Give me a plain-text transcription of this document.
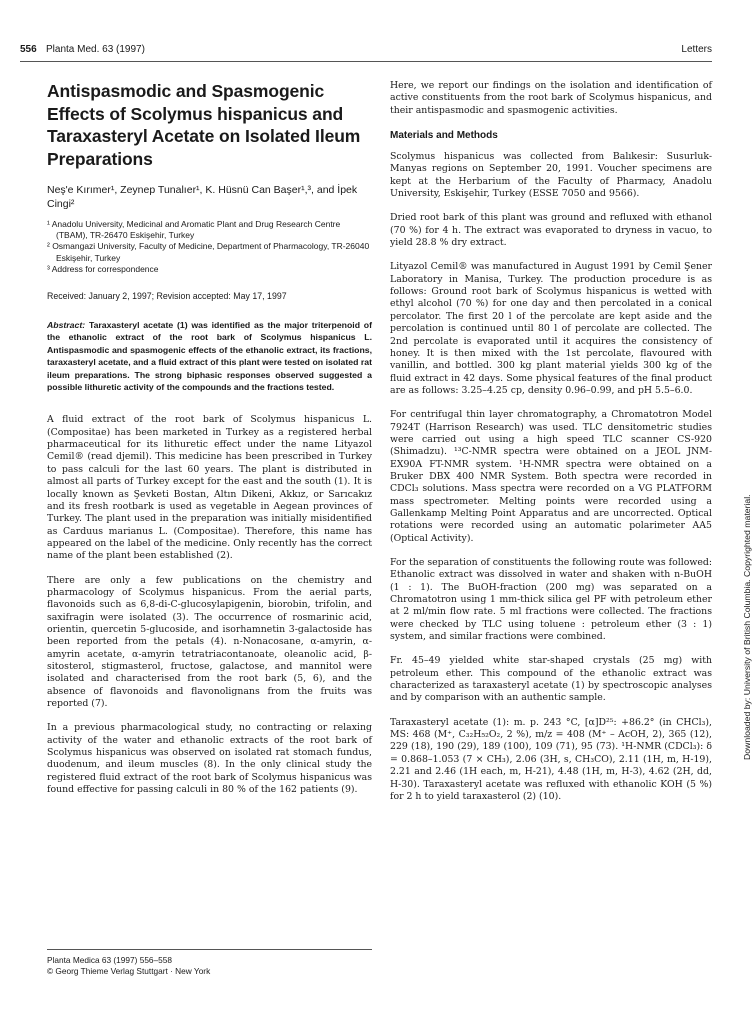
556 Planta Med. 63 (1997)	Letters
Antispasmodic and Spasmogenic Effects of Scolymus hispanicus and Taraxasteryl Acetate on Isolated Ileum Preparations
Neş'e Kırımer¹, Zeynep Tunalıer¹, K. Hüsnü Can Başer¹,³, and İpek Cingi²
¹ Anadolu University, Medicinal and Aromatic Plant and Drug Research Centre (TBAM), TR-26470 Eskişehir, Turkey
² Osmangazi University, Faculty of Medicine, Department of Pharmacology, TR-26040 Eskişehir, Turkey
³ Address for correspondence
Received: January 2, 1997; Revision accepted: May 17, 1997
Abstract: Taraxasteryl acetate (1) was identified as the major triterpenoid of the ethanolic extract of the root bark of Scolymus hispanicus L. Antispasmodic and spasmogenic effects of the ethanolic extract, its fractions, taraxasteryl acetate, and a fluid extract of this plant were tested on isolated rat ileum preparations. The strong biphasic responses observed suggested a possible lithuretic activity of the compounds and the fractions tested.

A fluid extract of the root bark of Scolymus hispanicus L. (Compositae) has been marketed in Turkey as a registered herbal pharmaceutical for its lithuretic effect under the name Lityazol Cemil® (read djemil). This medicine has been prescribed in Turkey to pass calculi for the last 60 years. The plant is distributed in almost all parts of Turkey except for the east and the south (1). It is locally known as Şevketi Bostan, Altın Dikeni, Akkız, or Sarıcakız and its fresh rootbark is used as vegetable in Aegean provinces of Turkey. The plant used in the preparation was initially misidentified as Carduus marianus L. (Compositae). Therefore, this name has appeared on the label of the medicine. Only recently has the correct name of the plant been established (2).

There are only a few publications on the chemistry and pharmacology of Scolymus hispanicus. From the aerial parts, flavonoids such as 6,8-di-C-glucosylapigenin, biorobin, trifolin, and saxifragin were isolated (3). The occurrence of rosmarinic acid, orientin, quercetin 5-glucoside, and isorhamnetin 3-galactoside has been reported from the petals (4). n-Nonacosane, α-amyrin, α-amyrin acetate, α-amyrin tetratriacontanoate, oleanolic acid, β-sitosterol, stigmasterol, fructose, galactose, and mannitol were isolated and characterised from the root bark (5, 6), and the absence of flavonoids and flavonolignans from the fruits was reported (7).

In a previous pharmacological study, no contracting or relaxing activity of the water and ethanolic extracts of the root bark of Scolymus hispanicus was observed on isolated rat stomach fundus, duodenum, and ileum muscles (8). In the only clinical study the registered fluid extract of the root bark of Scolymus hispanicus was found effective for passing calculi in 80 % of the 162 patients (9).

Here, we report our findings on the isolation and identification of active constituents from the root bark of Scolymus hispanicus, and their antispasmodic and spasmogenic activities.

Materials and Methods

Scolymus hispanicus was collected from Balıkesir: Susurluk-Manyas regions on September 20, 1991. Voucher specimens are kept at the Herbarium of the Faculty of Pharmacy, Anadolu University, Eskişehir, Turkey (ESSE 7050 and 9566).

Dried root bark of this plant was ground and refluxed with ethanol (70 %) for 4 h. The extract was evaporated to dryness in vacuo, to yield 28.8 % dry extract.

Lityazol Cemil® was manufactured in August 1991 by Cemil Şener Laboratory in Manisa, Turkey. The production procedure is as follows: Ground root bark of Scolymus hispanicus is wetted with ethyl alcohol (70 %) for one day and then percolated in a conical percolator. The first 20 l of the percolate are kept aside and the percolation is continued until 80 l of percolate are collected. The 2nd percolate is evaporated until it acquires the consistency of honey. It is then mixed with the 1st percolate, flavoured with vanillin, and bottled. 300 kg plant material yields 300 kg of the fluid extract in 42 days. Some physical features of the final product are as follows: 3.25–4.25 cp, density 0.96–0.99, and pH 5.5–6.0.

For centrifugal thin layer chromatography, a Chromatotron Model 7924T (Harrison Research) was used. TLC densitometric studies were carried out using a high speed TLC scanner CS-920 (Shimadzu). ¹³C-NMR spectra were obtained on a JEOL JNM-EX90A FT-NMR system. ¹H-NMR spectra were obtained on a Bruker DBX 400 NMR System. Both spectra were recorded in CDCl₃ solutions. Mass spectra were recorded on a VG PLATFORM mass spectrometer. Melting points were recorded using a Gallenkamp Melting Point Apparatus and are uncorrected. Optical rotations were recorded using an automatic polarimeter AA5 (Optical Activity).

For the separation of constituents the following route was followed: Ethanolic extract was dissolved in water and shaken with n-BuOH (1 : 1). The BuOH-fraction (200 mg) was separated on a Chromatotron using 1 mm-thick silica gel PF with petroleum ether at 2 ml/min flow rate. 5 ml fractions were collected. The fractions were checked by TLC using toluene : petroleum ether (3 : 1) system, and similar fractions were combined.

Fr. 45–49 yielded white star-shaped crystals (25 mg) with petroleum ether. This compound of the ethanolic extract was characterized as taraxasteryl acetate (1) by spectroscopic analyses and by comparison with an authentic sample.

Taraxasteryl acetate (1): m. p. 243 °C, [α]D²⁵: +86.2° (in CHCl₃), MS: 468 (M⁺, C₃₂H₅₂O₂, 2 %), m/z = 408 (M⁺ – AcOH, 2), 365 (12), 229 (18), 190 (29), 189 (100), 109 (71), 95 (73). ¹H-NMR (CDCl₃): δ = 0.868–1.053 (7 × CH₃), 2.06 (3H, s, CH₃CO), 2.11 (1H, m, H-19), 2.21 and 2.46 (1H each, m, H-21), 4.48 (1H, m, H-3), 4.62 (2H, dd, H-30). Taraxasteryl acetate was refluxed with ethanolic KOH (5 %) for 2 h to yield taraxasterol (2) (10).

Planta Medica 63 (1997) 556–558
© Georg Thieme Verlag Stuttgart · New York
Downloaded by: University of British Columbia. Copyrighted material.
